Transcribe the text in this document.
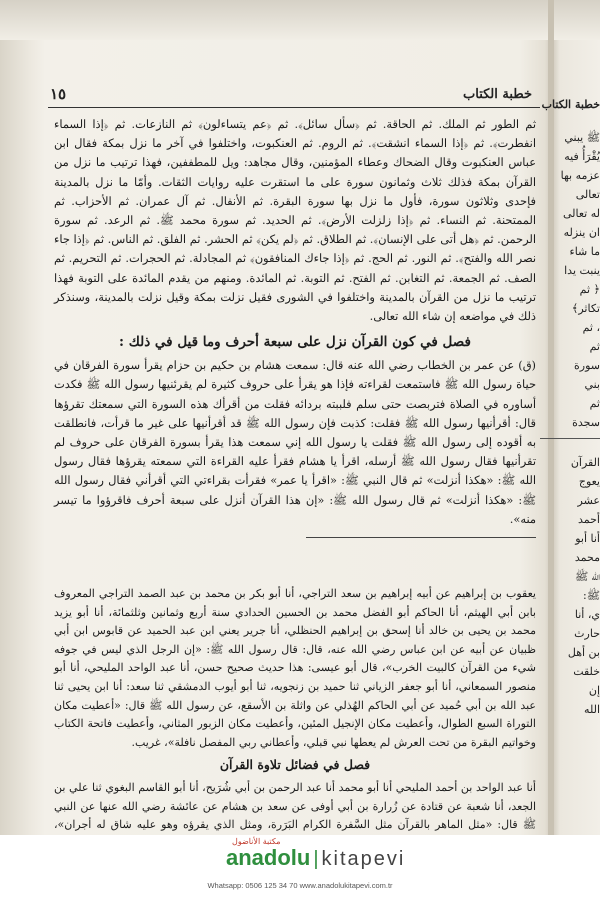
خطبة الكتاب
١٥

ثم الطور ثم الملك. ثم الحاقة. ثم ﴿سأل سائل﴾. ثم ﴿عم يتساءلون﴾ ثم النازعات. ثم ﴿إذا السماء انفطرت﴾. ثم ﴿إذا السماء انشقت﴾. ثم الروم. ثم العنكبوت، واختلفوا في آخر ما نزل بمكة فقال ابن عباس العنكبوت وقال الضحاك وعطاء المؤمنين، وقال مجاهد: ويل للمطففين، فهذا ترتيب ما نزل من القرآن بمكة فذلك ثلاث وثمانون سورة على ما استقرت عليه روايات الثقات. وأمّا ما نزل بالمدينة فإحدى وثلاثون سورة، فأول ما نزل بها سورة البقرة. ثم الأنفال. ثم آل عمران. ثم الأحزاب. ثم الممتحنة. ثم النساء. ثم ﴿إذا زلزلت الأرض﴾. ثم الحديد. ثم سورة محمد ﷺ. ثم الرعد. ثم سورة الرحمن. ثم ﴿هل أتى على الإنسان﴾. ثم الطلاق. ثم ﴿لم يكن﴾ ثم الحشر. ثم الفلق. ثم الناس. ثم ﴿إذا جاء نصر الله والفتح﴾. ثم النور. ثم الحج. ثم ﴿إذا جاءك المنافقون﴾ ثم المجادلة. ثم الحجرات. ثم التحريم. ثم الصف. ثم الجمعة. ثم التغابن. ثم الفتح. ثم التوبة. ثم المائدة. ومنهم من يقدم المائدة على التوبة فهذا ترتيب ما نزل من القرآن بالمدينة واختلفوا في الشورى فقيل نزلت بمكة وقيل نزلت بالمدينة، وسنذكر ذلك في مواضعه إن شاء الله تعالى.

فصل في كون القرآن نزل على سبعة أحرف وما قيل في ذلك :

(ق) عن عمر بن الخطاب رضي الله عنه قال: سمعت هشام بن حكيم بن حزام يقرأ سورة الفرقان في حياة رسول الله ﷺ فاستمعت لقراءته فإذا هو يقرأ على حروف كثيرة لم يقرئنيها رسول الله ﷺ فكدت أساوره في الصلاة فتربصت حتى سلم فلببته بردائه فقلت من أقرأك هذه السورة التي سمعتك تقرؤها قال: أقرأنيها رسول الله ﷺ فقلت: كذبت فإن رسول الله ﷺ قد أقرأنيها على غير ما قرأت، فانطلقت به أقوده إلى رسول الله ﷺ فقلت يا رسول الله إني سمعت هذا يقرأ بسورة الفرقان على حروف لم تقرأنيها فقال رسول الله ﷺ أرسله، اقرأ يا هشام فقرأ عليه القراءة التي سمعته يقرؤها فقال رسول الله ﷺ: «هكذا أنزلت» ثم قال النبي ﷺ: «اقرأ يا عمر» فقرأت بقراءتي التي أقرأني فقال رسول الله ﷺ: «هكذا أنزلت» ثم قال رسول الله ﷺ: «إن هذا القرآن أنزل على سبعة أحرف فاقرؤوا ما تيسر منه».

يعقوب بن إبراهيم عن أبيه إبراهيم بن سعد التراجي، أنا أبو بكر بن محمد بن عبد الصمد التراجي المعروف بابن أبي الهيثم، أنا الحاكم أبو الفضل محمد بن الحسين الحدادي سنة أربع وثمانين وثلثمائة، أنا أبو يزيد محمد بن يحيى بن خالد أنا إسحق بن إبراهيم الحنظلي، أنا جرير يعني ابن عبد الحميد عن قابوس ابن أبي ظبيان عن أبيه عن ابن عباس رضي الله عنه، قال: قال رسول الله ﷺ: «إن الرجل الذي ليس في جوفه شيء من القرآن كالبيت الخرب»، قال أبو عيسى: هذا حديث صحيح حسن، أنا عبد الواحد المليحي، أنا أبو منصور السمعاني، أنا أبو جعفر الزياني ثنا حميد بن زنجويه، ثنا أبو أيوب الدمشقي ثنا سعد: أنا ابن يحيى ثنا عبد الله بن أبي حُميد عن أبي الحاكم الهُذلي عن واثلة بن الأسقع، عن رسول الله ﷺ قال: «أعطيت مكان التوراة السبع الطوال، وأعطيت مكان الإنجيل المئين، وأعطيت مكان الزبور المثاني، وأعطيت فاتحة الكتاب وخواتيم البقرة من تحت العرش لم يعطها نبي قبلي، وأعطاني ربي المفصل نافلة»، غريب.

فصل في فضائل تلاوة القرآن

أنا عبد الواحد بن أحمد المليحي أنا أبو محمد أنا عبد الرحمن بن أبي شُرَيح، أنا أبو القاسم البغوي ثنا علي بن الجعد، أنا شعبة عن قتادة عن زُرارة بن أبي أوفى عن سعد بن هشام عن عائشة رضي الله عنها عن النبي ﷺ قال: «مثل الماهر بالقرآن مثل السَّفرة الكرام البَرَرة، ومثل الذي يقرؤه وهو عليه شاق له أجران»،

خطبة الكتاب
ﷺ يبني
يُقْرَأُ فيه
عزمه بها
تعالى
له تعالى
ان ينزله
ما شاء
ينبت يدا
﴿ ثم
تكاثر﴾
، ثم
ثم
سورة
بني
ثم
سجدة
القرآن
يعوج
عشر
أحمد
أنا أبو
محمد
الله ﷺ
ﷺ:
ي، أنا
حارث
بن أهل
خلقت
إن
الله
مكتبة الأناضول
anadolu | kitapevi
Whatsapp: 0506 125 34 70 www.anadolukitapevi.com.tr
